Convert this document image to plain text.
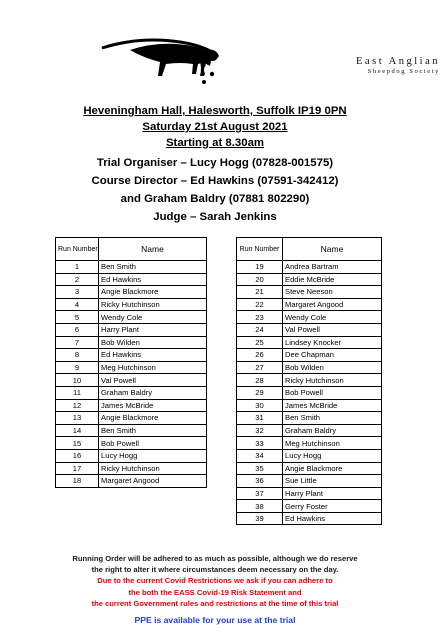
East Anglian
Sheepdog Society
Heveningham Hall, Halesworth, Suffolk IP19 0PN
Saturday 21st August 2021
Starting at 8.30am
Trial Organiser – Lucy Hogg (07828-001575)
Course Director – Ed Hawkins (07591-342412)
and Graham Baldry (07881 802290)
Judge – Sarah Jenkins
Run Number	Name
1	Ben Smith
2	Ed Hawkins
3	Angie Blackmore
4	Ricky Hutchinson
5	Wendy Cole
6	Harry Plant
7	Bob Wilden
8	Ed Hawkins
9	Meg Hutchinson
10	Val Powell
11	Graham Baldry
12	James McBride
13	Angie Blackmore
14	Ben Smith
15	Bob Powell
16	Lucy Hogg
17	Ricky Hutchinson
18	Margaret Angood
Run Number	Name
19	Andrea Bartram
20	Eddie McBride
21	Steve Neeson
22	Margaret Angood
23	Wendy Cole
24	Val Powell
25	Lindsey Knocker
26	Dee Chapman
27	Bob Wilden
28	Ricky Hutchinson
29	Bob Powell
30	James McBride
31	Ben Smith
32	Graham Baldry
33	Meg Hutchinson
34	Lucy Hogg
35	Angie Blackmore
36	Sue Little
37	Harry Plant
38	Gerry Foster
39	Ed Hawkins
Running Order will be adhered to as much as possible, although we do reserve
the right to alter it where circumstances deem necessary on the day.
Due to the current Covid Restrictions we ask if you can adhere to
the both the EASS Covid-19 Risk Statement and
the current Government rules and restrictions at the time of this trial
PPE is available for your use at the trial
